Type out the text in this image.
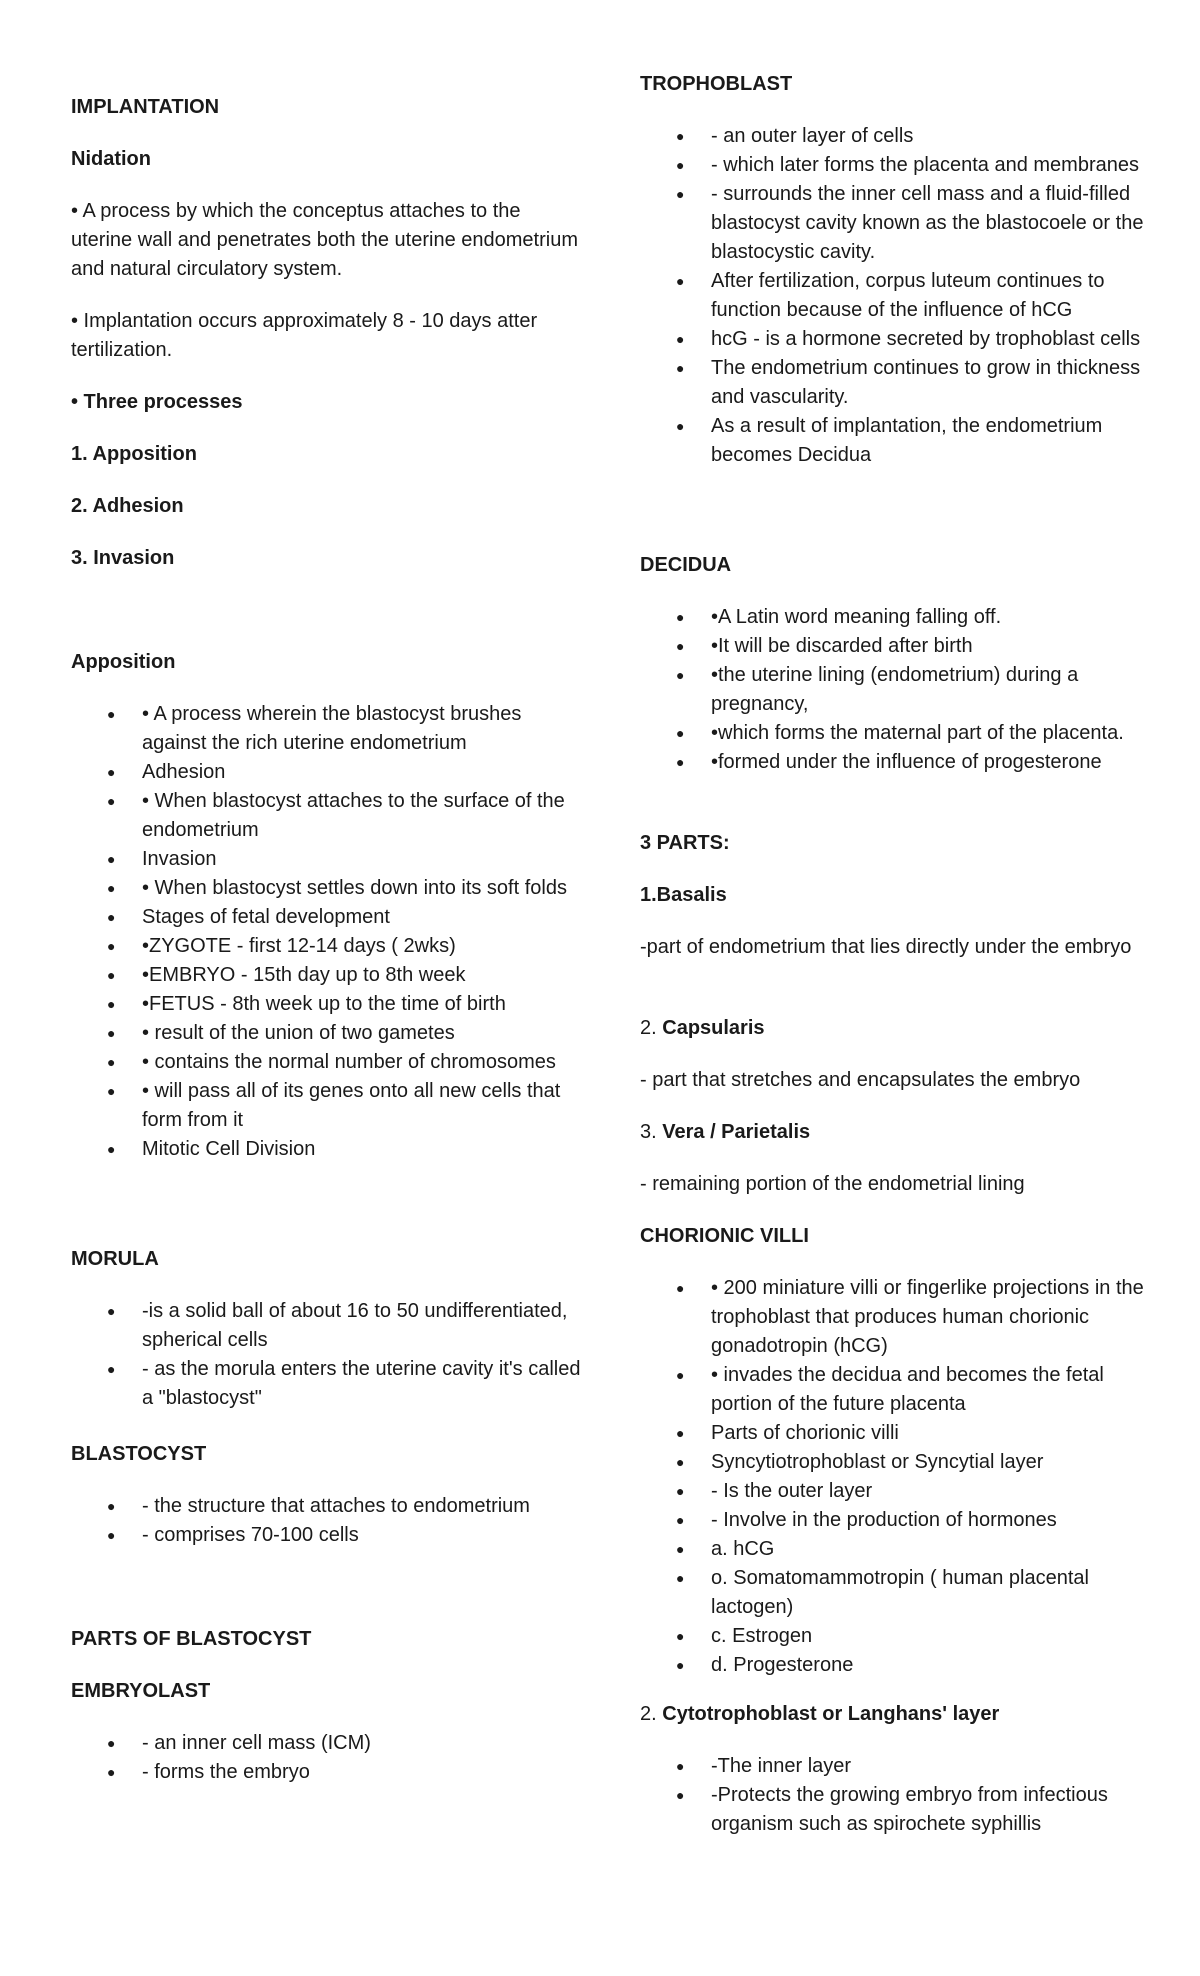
IMPLANTATION

Nidation

• A process by which the conceptus attaches to the uterine wall and penetrates both the uterine endometrium and natural circulatory system.

• Implantation occurs approximately 8 - 10 days atter tertilization.

• Three processes

1. Apposition

2. Adhesion

3. Invasion

Apposition

● • A process wherein the blastocyst brushes against the rich uterine endometrium
● Adhesion
● • When blastocyst attaches to the surface of the endometrium
● Invasion
● • When blastocyst settles down into its soft folds
● Stages of fetal development
● •ZYGOTE - first 12-14 days ( 2wks)
● •EMBRYO - 15th day up to 8th week
● •FETUS - 8th week up to the time of birth
● • result of the union of two gametes
● • contains the normal number of chromosomes
● • will pass all of its genes onto all new cells that form from it
● Mitotic Cell Division

MORULA

● -is a solid ball of about 16 to 50 undifferentiated, spherical cells
● - as the morula enters the uterine cavity it's called a "blastocyst"

BLASTOCYST

● - the structure that attaches to endometrium
● - comprises 70-100 cells

PARTS OF BLASTOCYST

EMBRYOLAST

● - an inner cell mass (ICM)
● - forms the embryo

TROPHOBLAST

● - an outer layer of cells
● - which later forms the placenta and membranes
● - surrounds the inner cell mass and a fluid-filled blastocyst cavity known as the blastocoele or the blastocystic cavity.
● After fertilization, corpus luteum continues to function because of the influence of hCG
● hcG - is a hormone secreted by trophoblast cells
● The endometrium continues to grow in thickness and vascularity.
● As a result of implantation, the endometrium becomes Decidua

DECIDUA

● •A Latin word meaning falling off.
● •It will be discarded after birth
● •the uterine lining (endometrium) during a pregnancy,
● •which forms the maternal part of the placenta.
● •formed under the influence of progesterone

3 PARTS:

1.Basalis

-part of endometrium that lies directly under the embryo

2. Capsularis

- part that stretches and encapsulates the embryo

3. Vera / Parietalis

- remaining portion of the endometrial lining

CHORIONIC VILLI

● • 200 miniature villi or fingerlike projections in the trophoblast that produces human chorionic gonadotropin (hCG)
● • invades the decidua and becomes the fetal portion of the future placenta
● Parts of chorionic villi
● Syncytiotrophoblast or Syncytial layer
● - Is the outer layer
● - Involve in the production of hormones
● a. hCG
● o. Somatomammotropin ( human placental lactogen)
● c. Estrogen
● d. Progesterone

2. Cytotrophoblast or Langhans' layer

● -The inner layer
● -Protects the growing embryo from infectious organism such as spirochete syphillis
